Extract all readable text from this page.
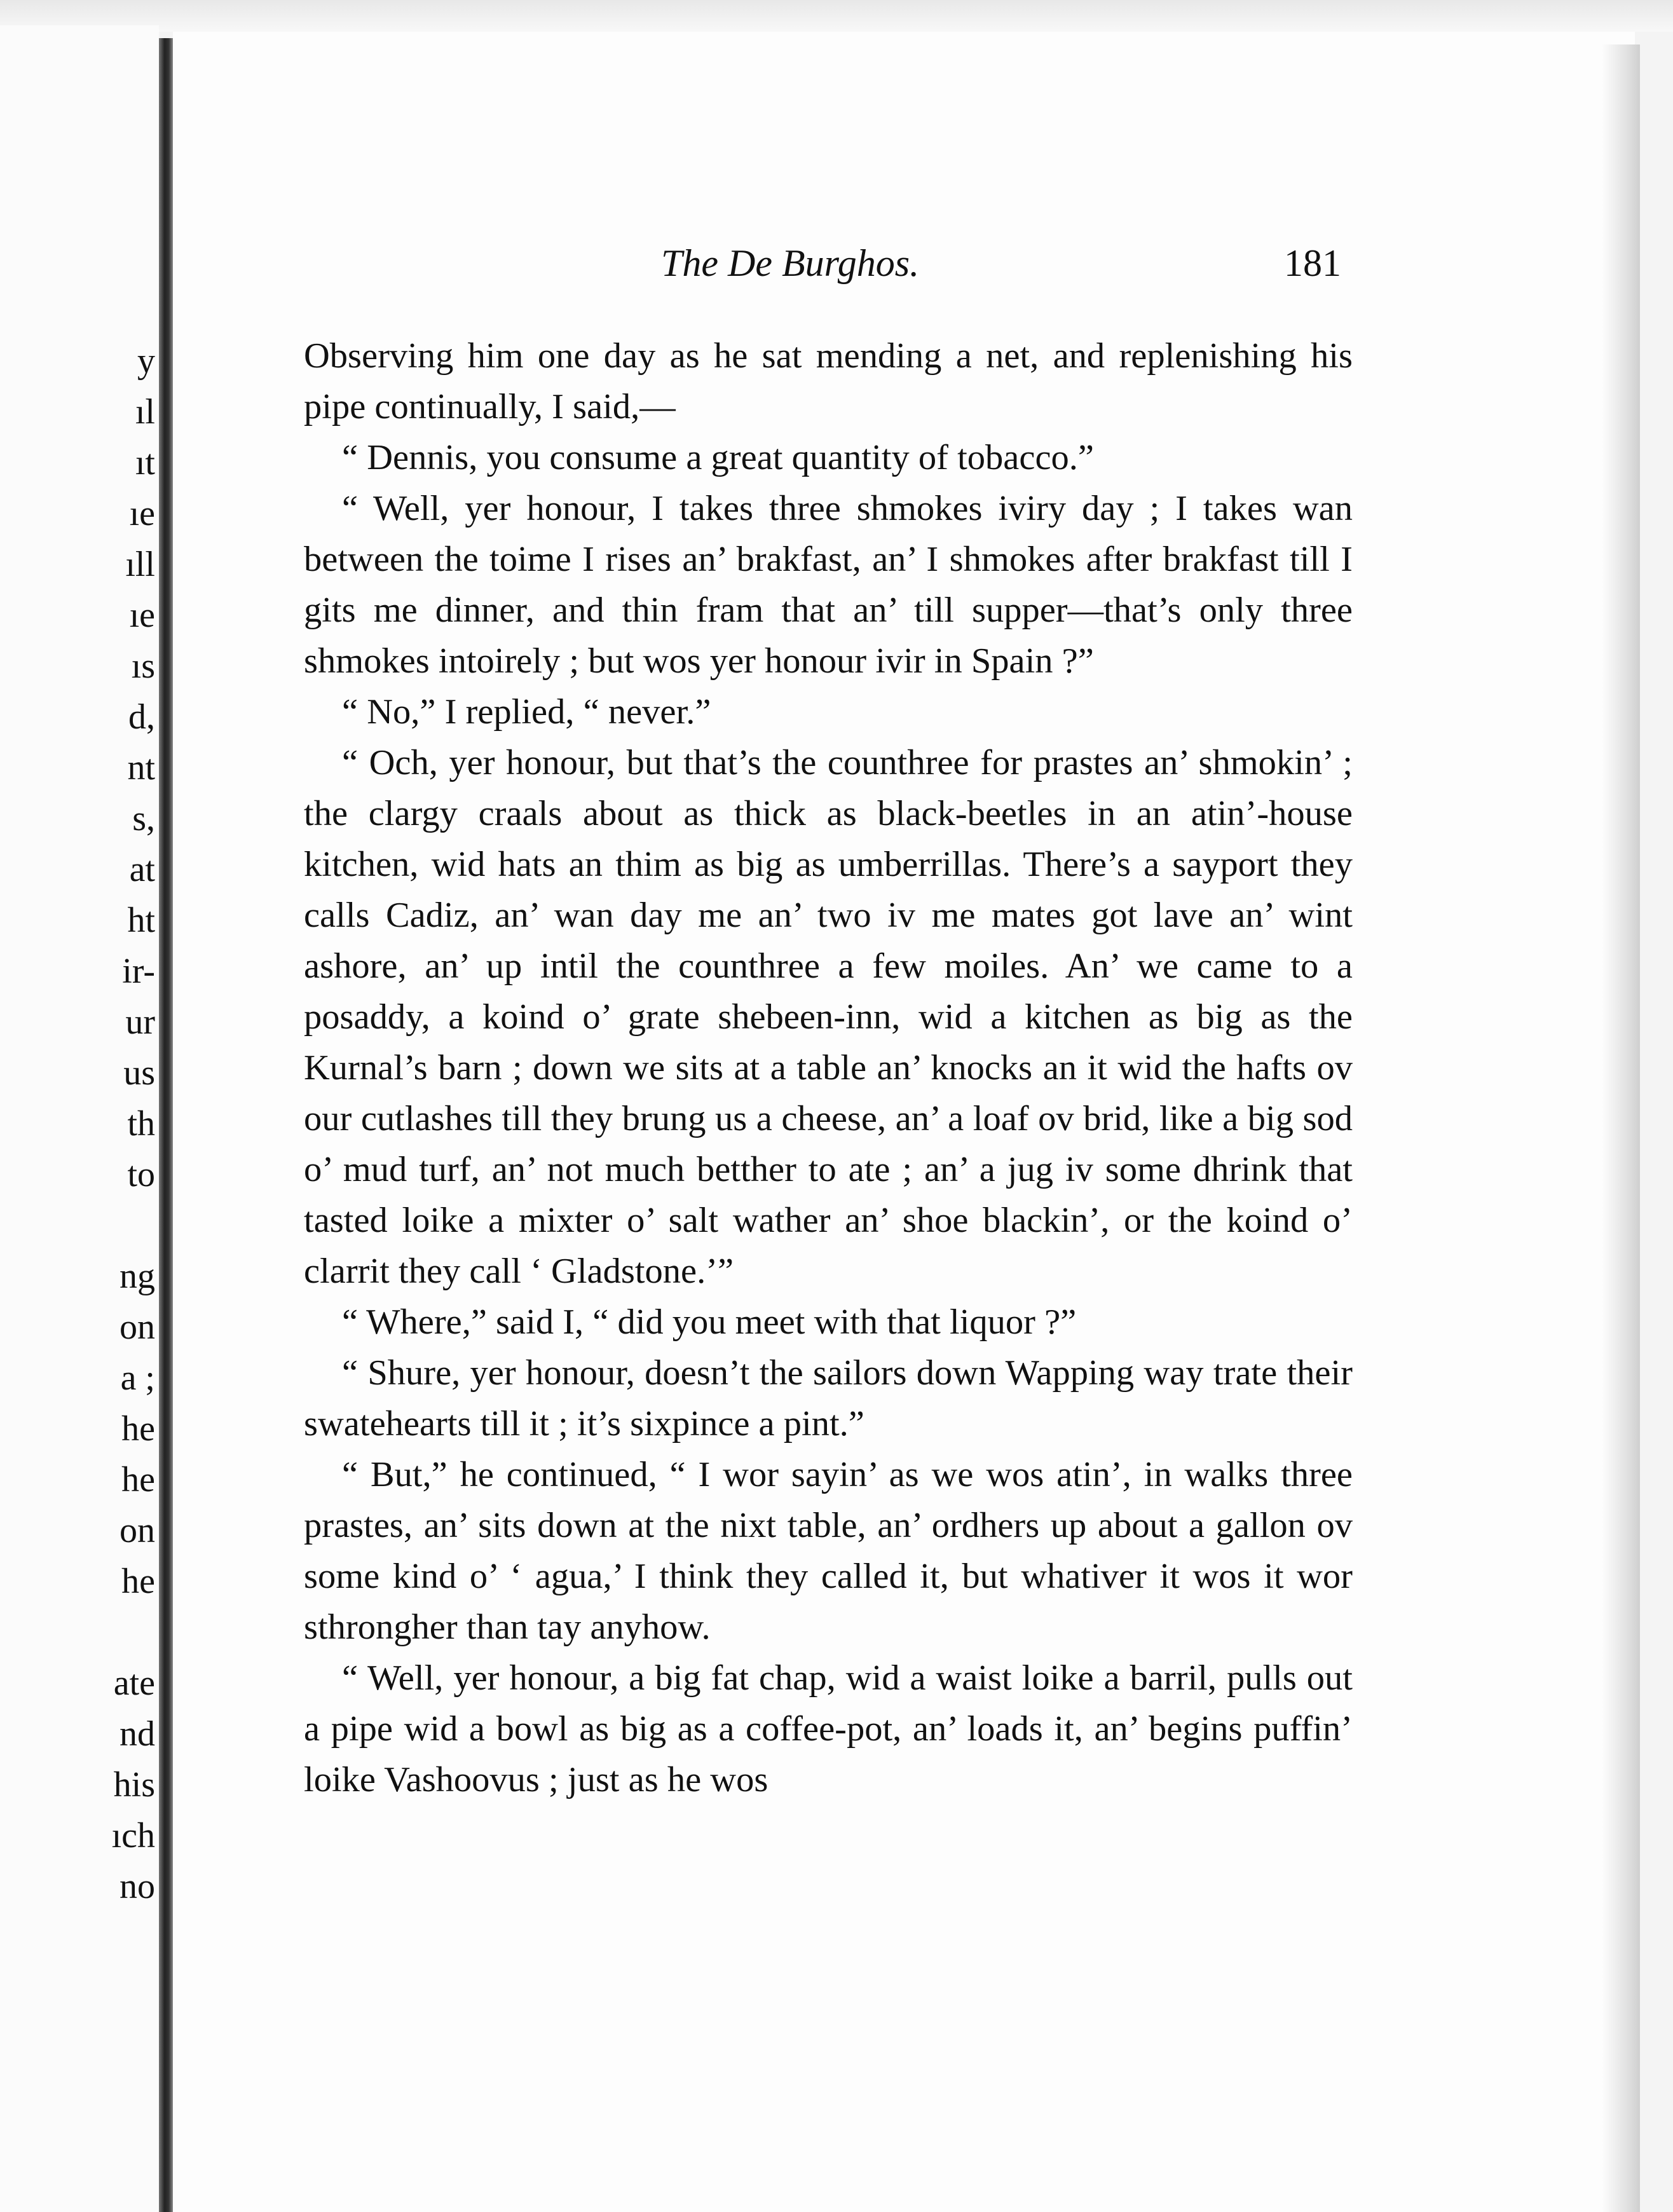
y
ıl
ıt
ıe
ıll
ıe
ıs
d,
nt
s,
at
ht
ir-
ur
us
th
to
ng
on
a ;
he
he
on
he
ate
nd
his
ıch
no
The De Burghos.	181

Observing him one day as he sat mending a net, and replenishing his pipe continually, I said,—

“ Dennis, you consume a great quantity of tobacco.”

“ Well, yer honour, I takes three shmokes iviry day ; I takes wan between the toime I rises an’ brakfast, an’ I shmokes after brakfast till I gits me dinner, and thin fram that an’ till supper—that’s only three shmokes intoirely ; but wos yer honour ivir in Spain ?”

“ No,” I replied, “ never.”

“ Och, yer honour, but that’s the counthree for prastes an’ shmokin’ ; the clargy craals about as thick as black-beetles in an atin’-house kitchen, wid hats an thim as big as umberrillas. There’s a sayport they calls Cadiz, an’ wan day me an’ two iv me mates got lave an’ wint ashore, an’ up intil the counthree a few moiles. An’ we came to a posaddy, a koind o’ grate shebeen-inn, wid a kitchen as big as the Kurnal’s barn ; down we sits at a table an’ knocks an it wid the hafts ov our cutlashes till they brung us a cheese, an’ a loaf ov brid, like a big sod o’ mud turf, an’ not much betther to ate ; an’ a jug iv some dhrink that tasted loike a mixter o’ salt wather an’ shoe blackin’, or the koind o’ clarrit they call ‘ Gladstone.’”

“ Where,” said I, “ did you meet with that liquor ?”

“ Shure, yer honour, doesn’t the sailors down Wapping way trate their swatehearts till it ; it’s sixpince a pint.”

“ But,” he continued, “ I wor sayin’ as we wos atin’, in walks three prastes, an’ sits down at the nixt table, an’ ordhers up about a gallon ov some kind o’ ‘ agua,’ I think they called it, but whativer it wos it wor sthrongher than tay anyhow.

“ Well, yer honour, a big fat chap, wid a waist loike a barril, pulls out a pipe wid a bowl as big as a coffee-pot, an’ loads it, an’ begins puffin’ loike Vashoovus ; just as he wos
